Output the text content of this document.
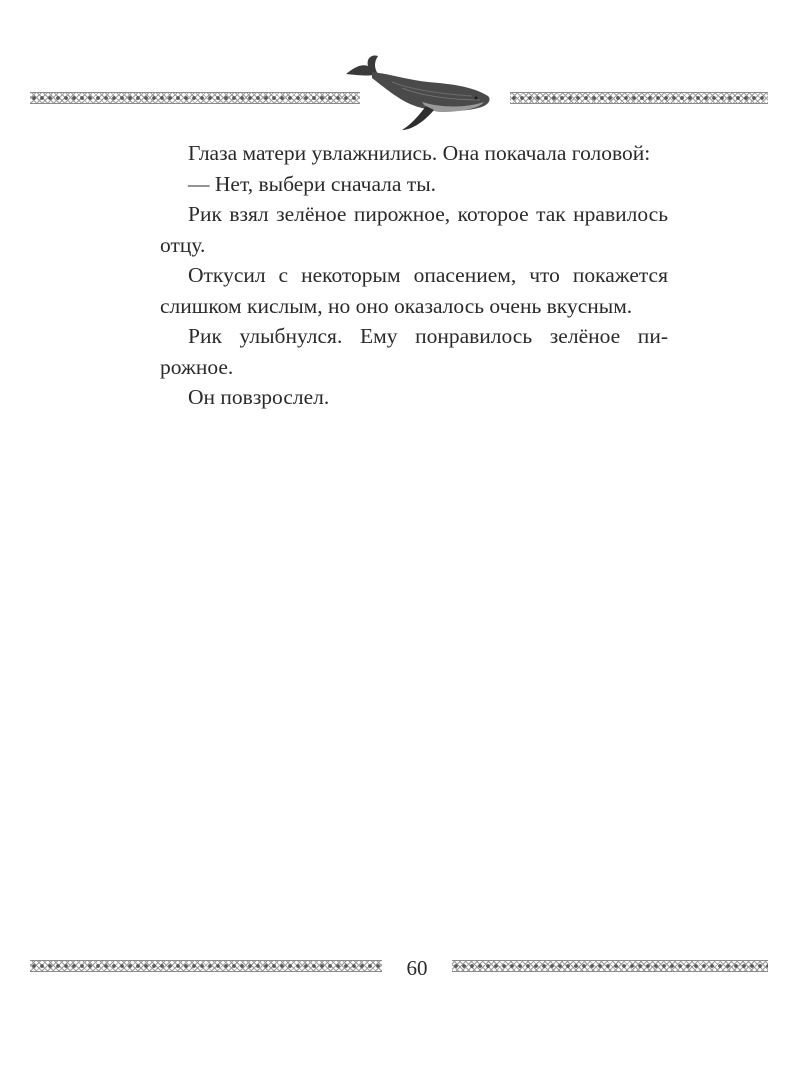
Глаза матери увлажнились. Она покачала головой:

— Нет, выбери сначала ты.

Рик взял зелёное пирожное, которое так нравилось отцу.

Откусил с некоторым опасением, что покажется слишком кислым, но оно оказалось очень вкусным.

Рик улыбнулся. Ему понравилось зелёное пирожное.

Он повзрослел.

60
